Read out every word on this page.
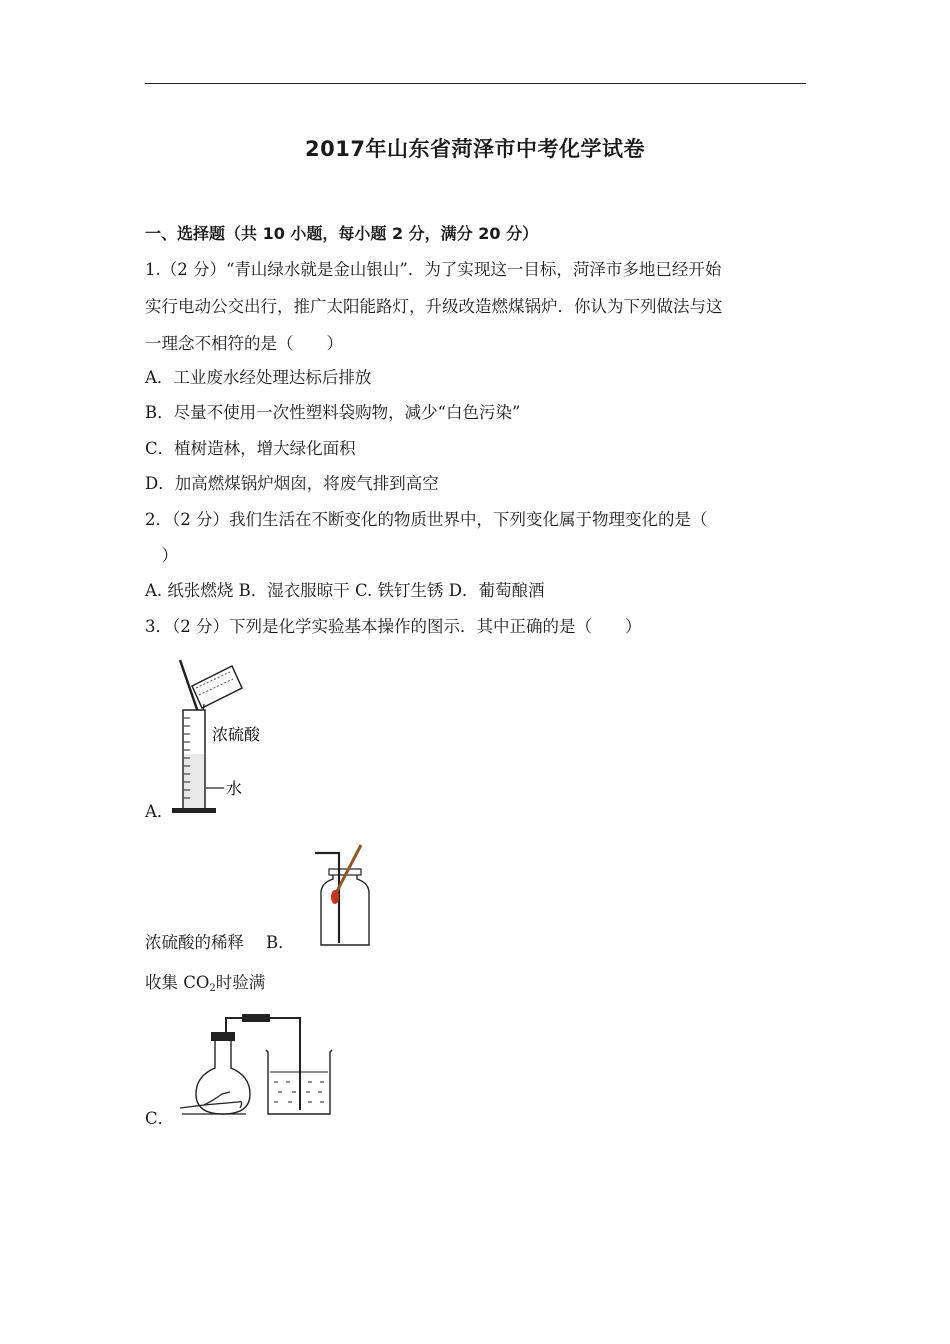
2017年山东省菏泽市中考化学试卷
一、选择题（共 10 小题，每小题 2 分，满分 20 分）
1.（2 分）“青山绿水就是金山银山”．为了实现这一目标，菏泽市多地已经开始
实行电动公交出行，推广太阳能路灯，升级改造燃煤锅炉．你认为下列做法与这
一理念不相符的是（　　）
A．工业废水经处理达标后排放
B．尽量不使用一次性塑料袋购物，减少“白色污染”
C．植树造林，增大绿化面积
D．加高燃煤锅炉烟囱，将废气排到高空
2．（2 分）我们生活在不断变化的物质世界中，下列变化属于物理变化的是（
　）
A. 纸张燃烧 B．湿衣服晾干 C. 铁钉生锈 D．葡萄酿酒
3．（2 分）下列是化学实验基本操作的图示．其中正确的是（　　）
浓硫酸
水
A．
浓硫酸的稀释 B．
收集 $CO_2$时验满
C．
